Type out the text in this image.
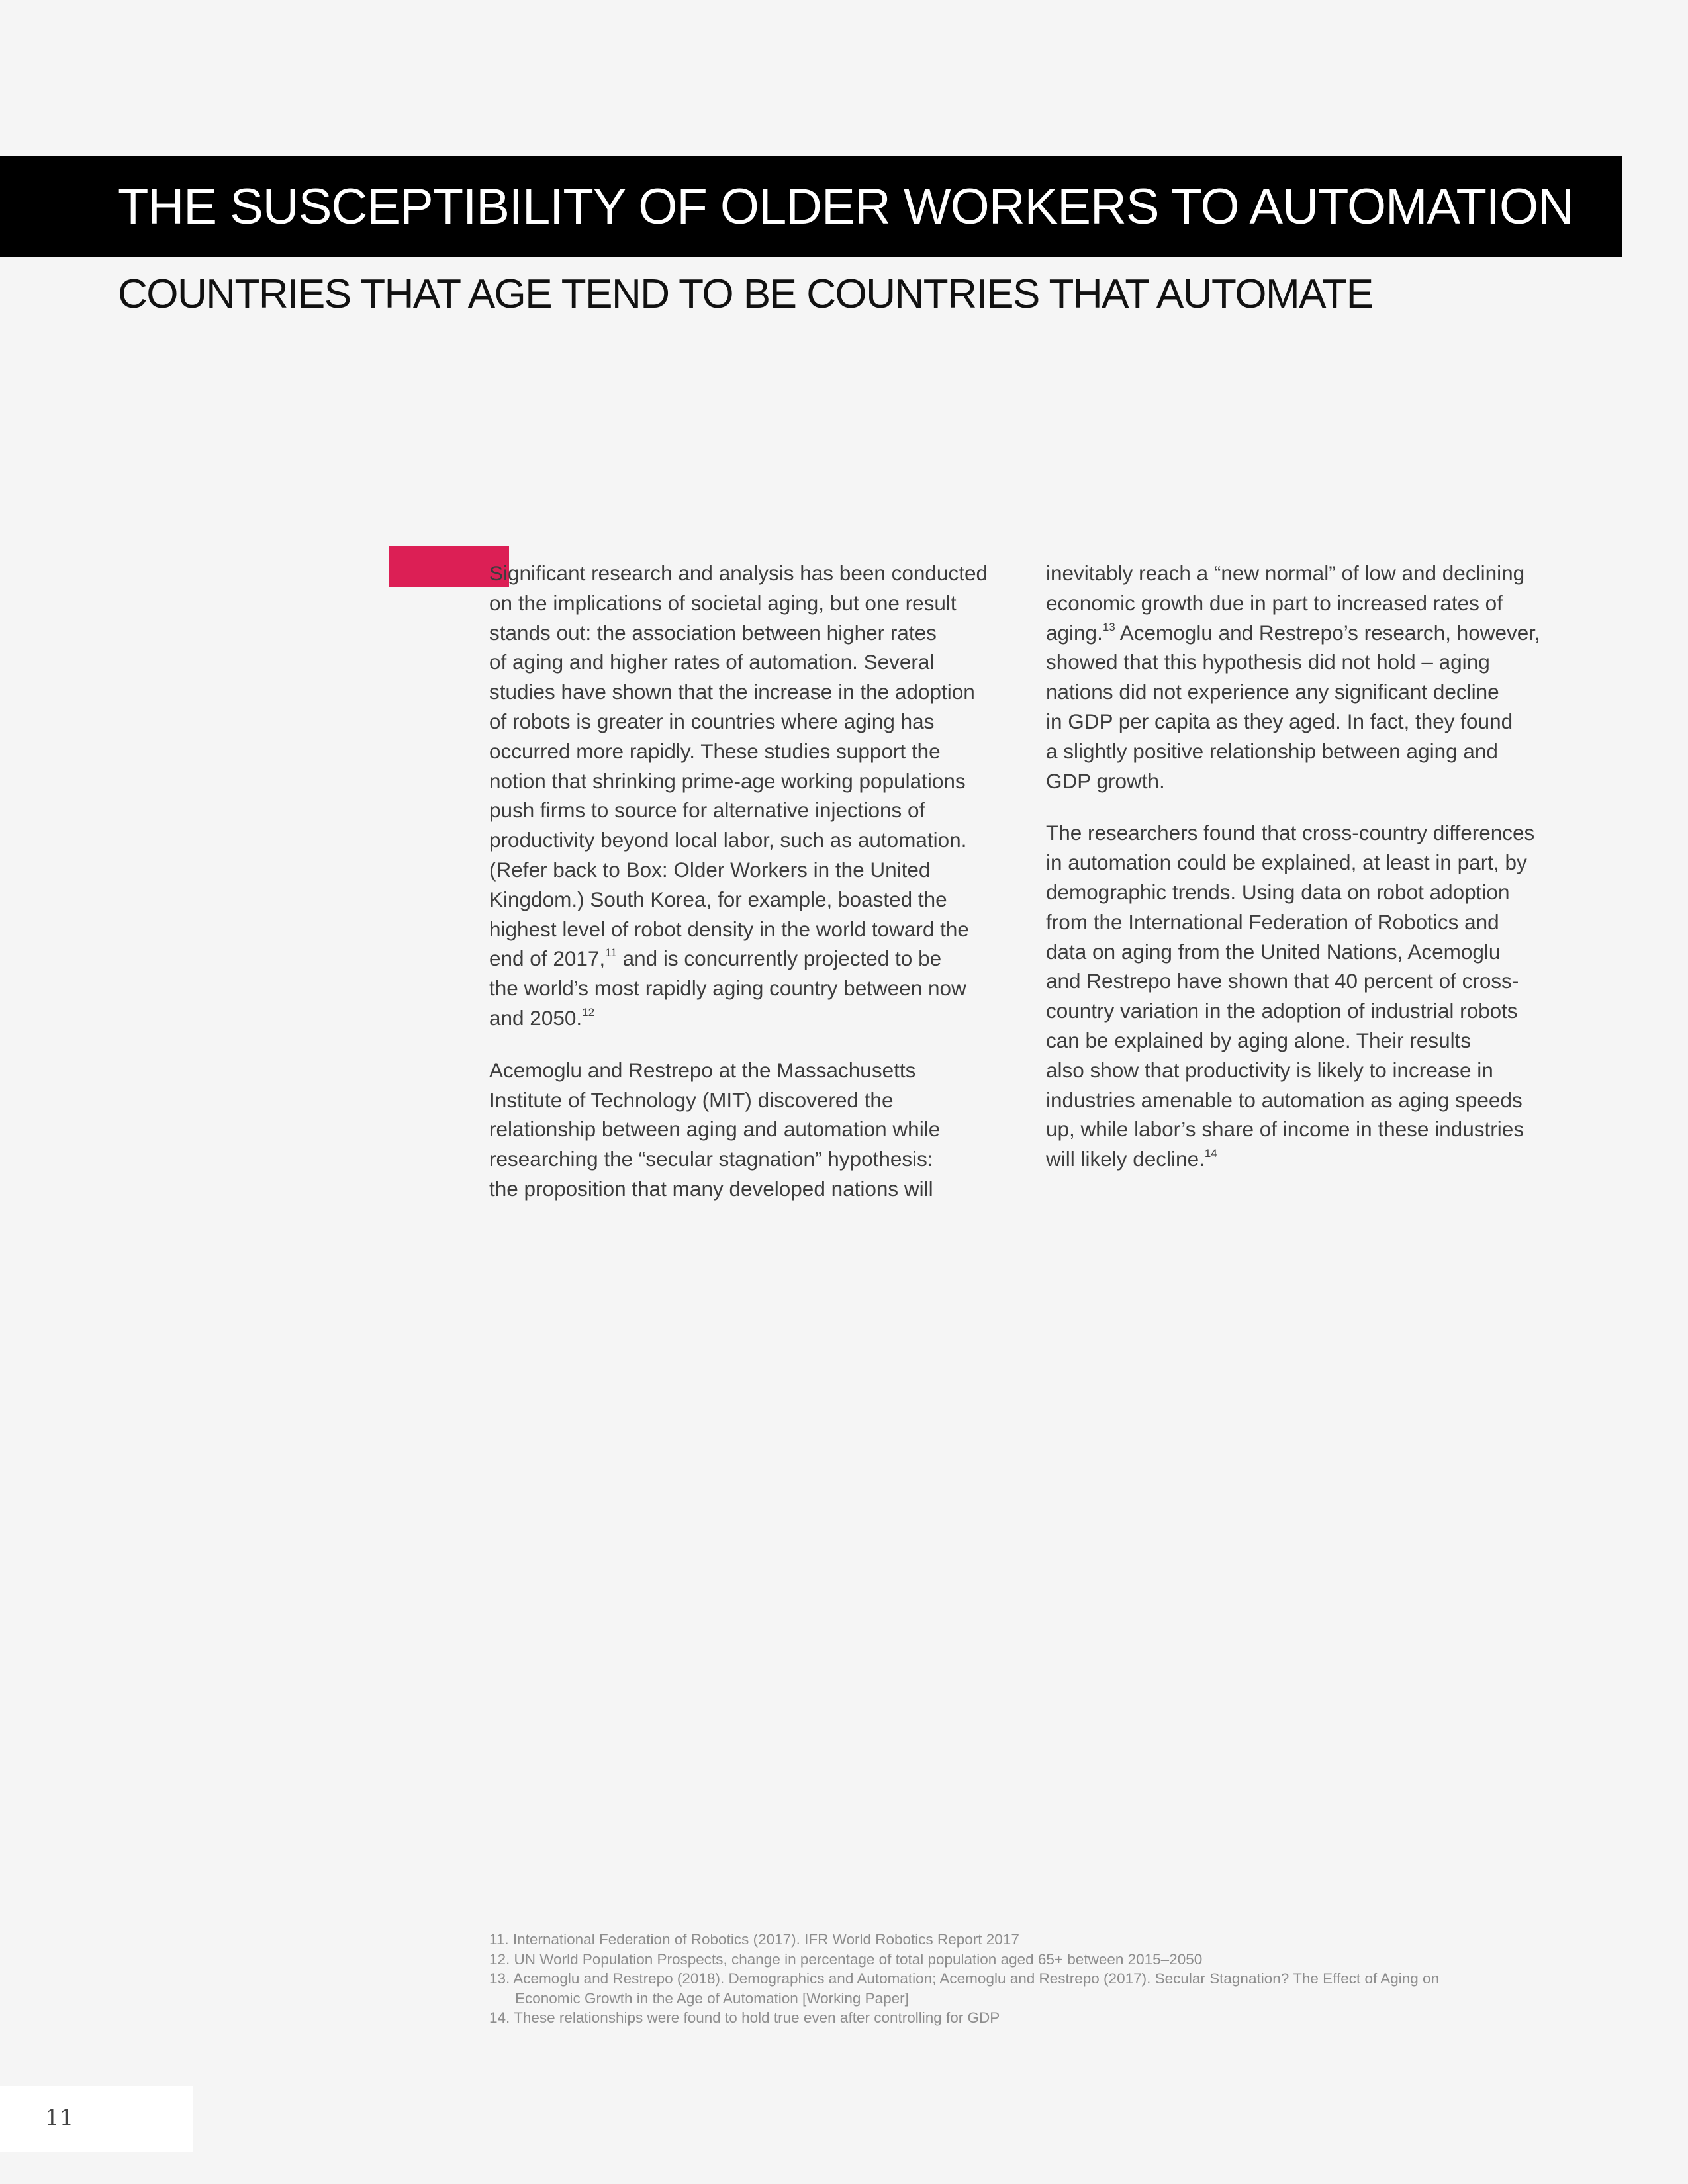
THE SUSCEPTIBILITY OF OLDER WORKERS TO AUTOMATION
COUNTRIES THAT AGE TEND TO BE COUNTRIES THAT AUTOMATE

Significant research and analysis has been conducted
on the implications of societal aging, but one result
stands out: the association between higher rates
of aging and higher rates of automation. Several
studies have shown that the increase in the adoption
of robots is greater in countries where aging has
occurred more rapidly. These studies support the
notion that shrinking prime-age working populations
push firms to source for alternative injections of
productivity beyond local labor, such as automation.
(Refer back to Box: Older Workers in the United
Kingdom.) South Korea, for example, boasted the
highest level of robot density in the world toward the
end of 2017,11 and is concurrently projected to be
the world’s most rapidly aging country between now
and 2050.12

Acemoglu and Restrepo at the Massachusetts
Institute of Technology (MIT) discovered the
relationship between aging and automation while
researching the “secular stagnation” hypothesis:
the proposition that many developed nations will

inevitably reach a “new normal” of low and declining
economic growth due in part to increased rates of
aging.$^{13}$ Acemoglu and Restrepo’s research, however,
showed that this hypothesis did not hold – aging
nations did not experience any significant decline
in GDP per capita as they aged. In fact, they found
a slightly positive relationship between aging and
GDP growth.

The researchers found that cross-country differences
in automation could be explained, at least in part, by
demographic trends. Using data on robot adoption
from the International Federation of Robotics and
data on aging from the United Nations, Acemoglu
and Restrepo have shown that 40 percent of cross-
country variation in the adoption of industrial robots
can be explained by aging alone. Their results
also show that productivity is likely to increase in
industries amenable to automation as aging speeds
up, while labor’s share of income in these industries
will likely decline.$^{14}$

11. International Federation of Robotics (2017). IFR World Robotics Report 2017
12. UN World Population Prospects, change in percentage of total population aged 65+ between 2015–2050
13. Acemoglu and Restrepo (2018). Demographics and Automation; Acemoglu and Restrepo (2017). Secular Stagnation? The Effect of Aging on
Economic Growth in the Age of Automation [Working Paper]
14. These relationships were found to hold true even after controlling for GDP
11
